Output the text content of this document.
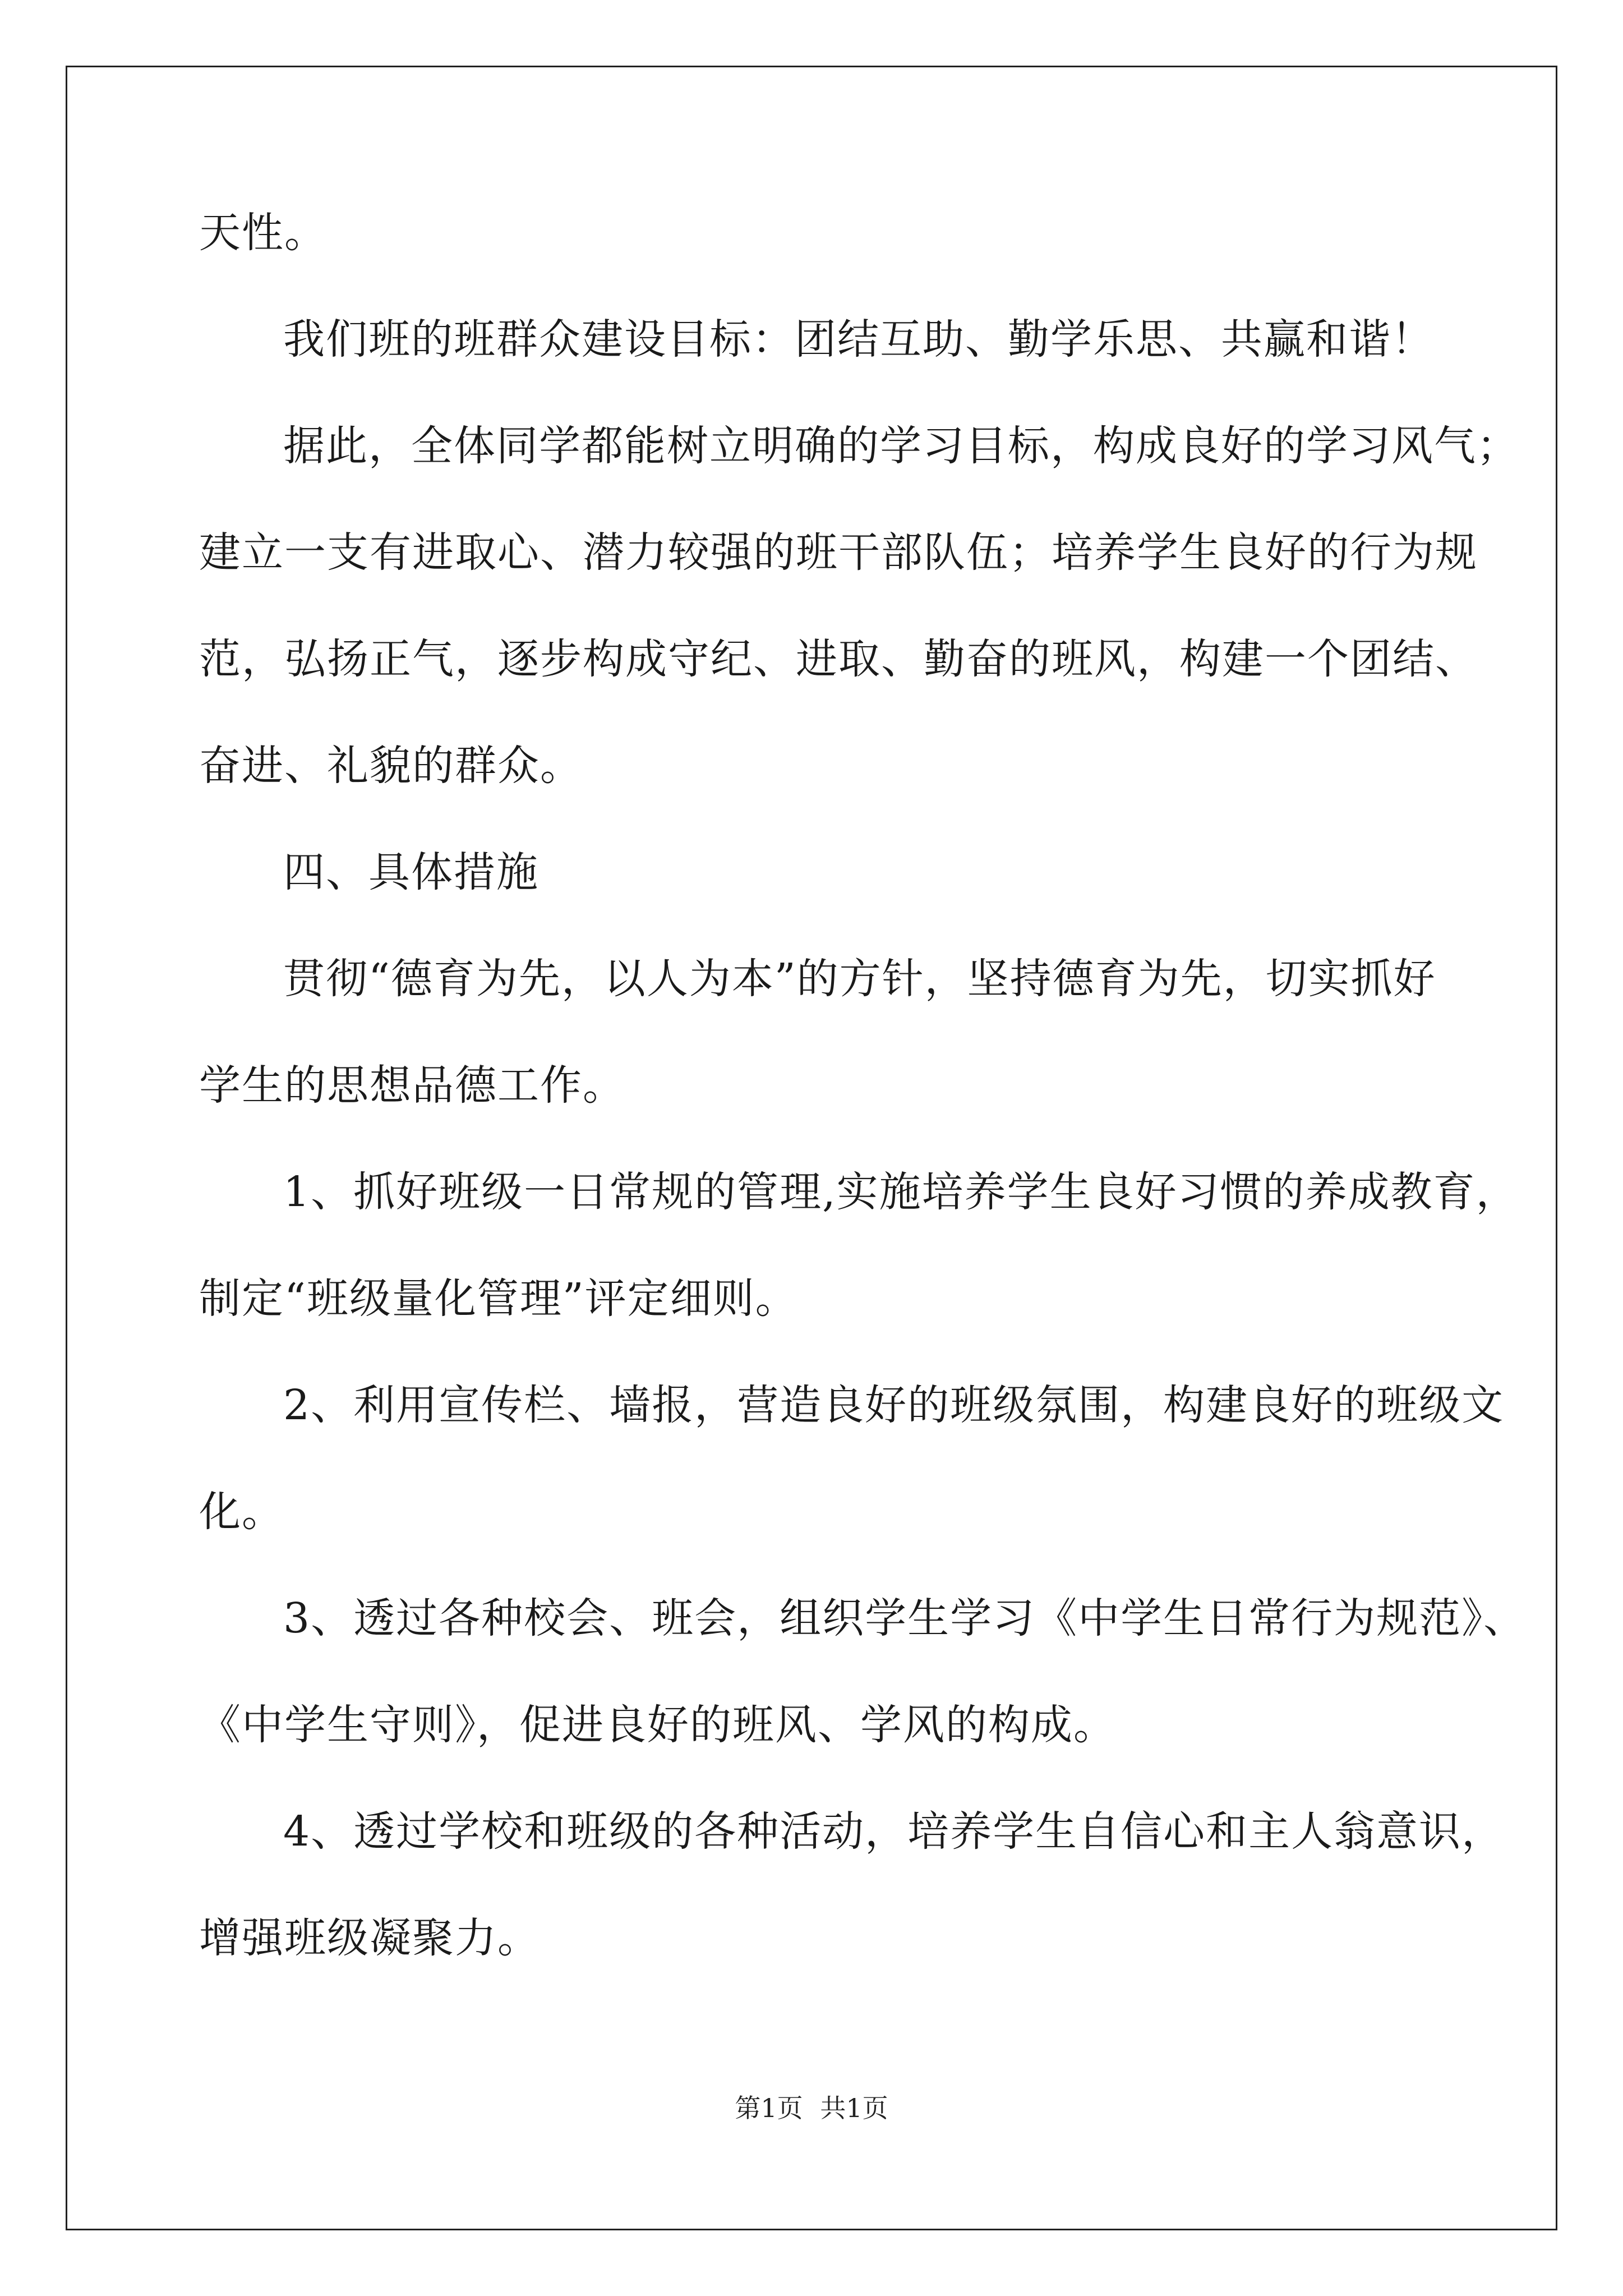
天性。
我们班的班群众建设目标：团结互助、勤学乐思、共赢和谐！
据此，全体同学都能树立明确的学习目标，构成良好的学习风气；
建立一支有进取心、潜力较强的班干部队伍；培养学生良好的行为规
范，弘扬正气，逐步构成守纪、进取、勤奋的班风，构建一个团结、
奋进、礼貌的群众。
四、具体措施
贯彻“德育为先，以人为本”的方针，坚持德育为先，切实抓好
学生的思想品德工作。
1、抓好班级一日常规的管理,实施培养学生良好习惯的养成教育，
制定“班级量化管理”评定细则。
2、利用宣传栏、墙报，营造良好的班级氛围，构建良好的班级文
化。
3、透过各种校会、班会，组织学生学习《中学生日常行为规范》、
《中学生守则》，促进良好的班风、学风的构成。
4、透过学校和班级的各种活动，培养学生自信心和主人翁意识，
增强班级凝聚力。
第1页 共1页
